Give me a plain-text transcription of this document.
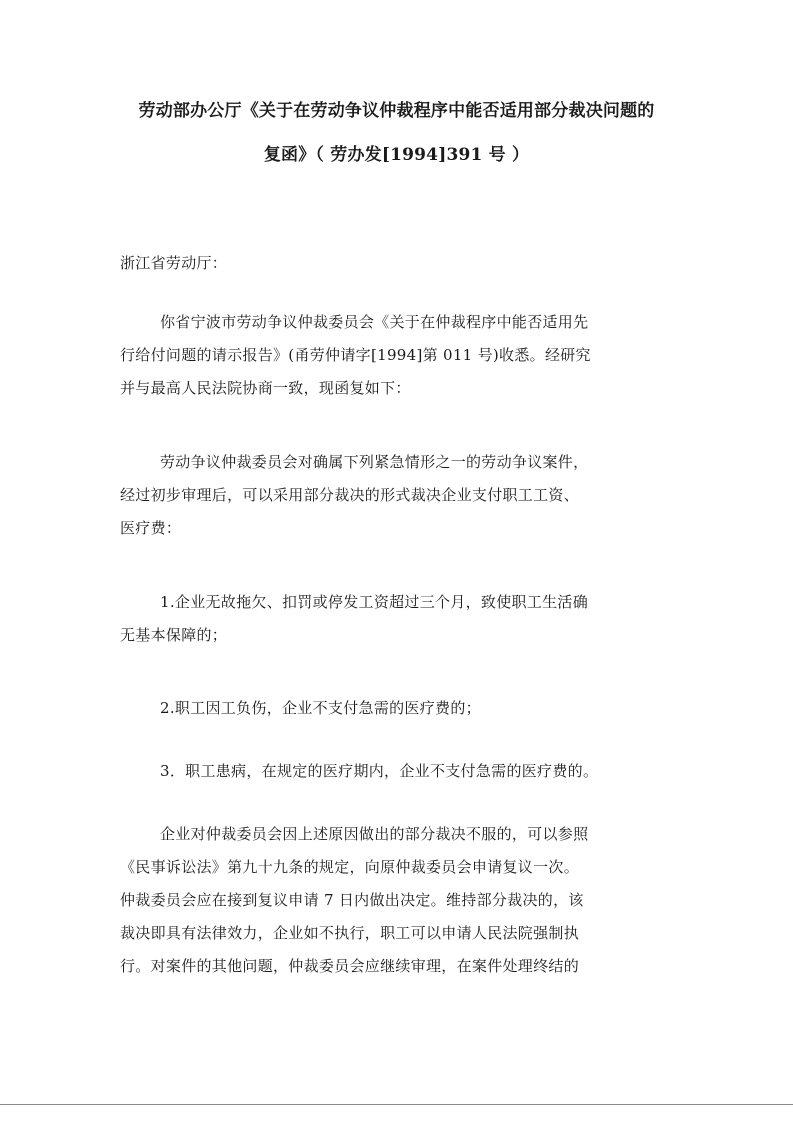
劳动部办公厅《关于在劳动争议仲裁程序中能否适用部分裁决问题的
复函》（ 劳办发[1994]391 号 ）
浙江省劳动厅：
你省宁波市劳动争议仲裁委员会《关于在仲裁程序中能否适用先
行给付问题的请示报告》(甬劳仲请字[1994]第 011 号)收悉。经研究
并与最高人民法院协商一致，现函复如下：
劳动争议仲裁委员会对确属下列紧急情形之一的劳动争议案件，
经过初步审理后，可以采用部分裁决的形式裁决企业支付职工工资、
医疗费：
1.企业无故拖欠、扣罚或停发工资超过三个月，致使职工生活确
无基本保障的；
2.职工因工负伤，企业不支付急需的医疗费的；
3．职工患病，在规定的医疗期内，企业不支付急需的医疗费的。
企业对仲裁委员会因上述原因做出的部分裁决不服的，可以参照
《民事诉讼法》第九十九条的规定，向原仲裁委员会申请复议一次。
仲裁委员会应在接到复议申请 7 日内做出决定。维持部分裁决的，该
裁决即具有法律效力，企业如不执行，职工可以申请人民法院强制执
行。对案件的其他问题，仲裁委员会应继续审理，在案件处理终结的
